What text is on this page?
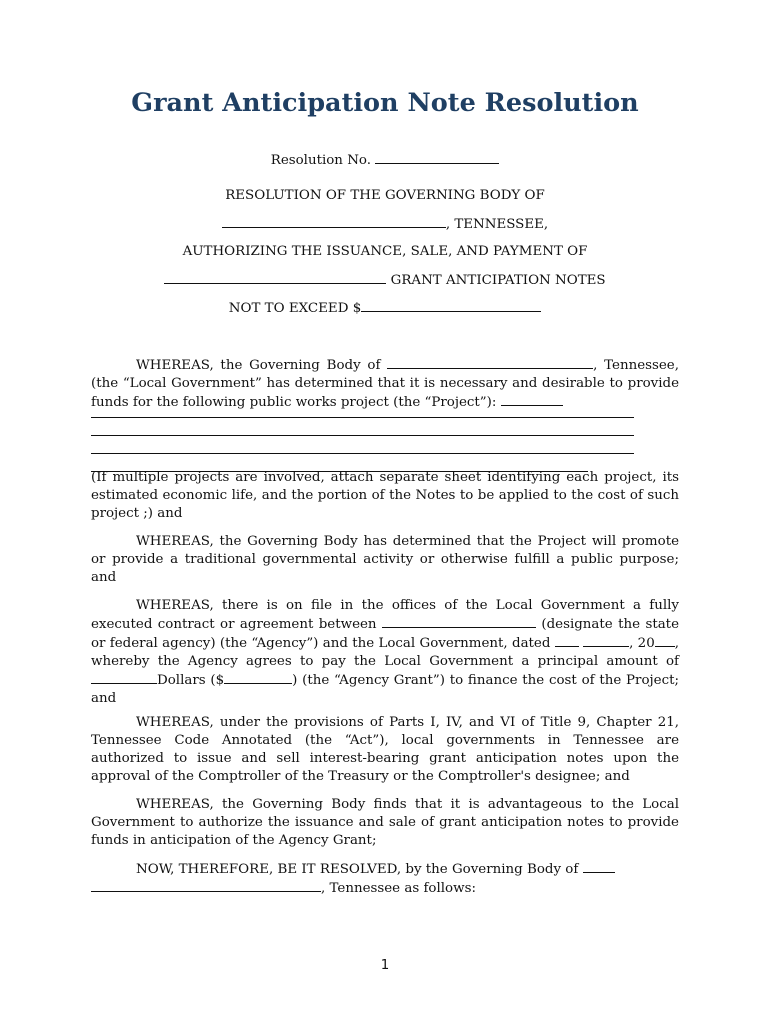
Grant Anticipation Note Resolution
Resolution No.
RESOLUTION OF THE GOVERNING BODY OF
, TENNESSEE,
AUTHORIZING THE ISSUANCE, SALE, AND PAYMENT OF
GRANT ANTICIPATION NOTES
NOT TO EXCEED $

WHEREAS, the Governing Body of	, Tennessee, (the “Local Government” has determined that it is necessary and desirable to provide funds for the following public works project (the “Project”):

(If multiple projects are involved, attach separate sheet identifying each project, its estimated economic life, and the portion of the Notes to be applied to the cost of such project ;) and

WHEREAS, the Governing Body has determined that the Project will promote or provide a traditional governmental activity or otherwise fulfill a public purpose; and

WHEREAS, there is on file in the offices of the Local Government a fully executed contract or agreement between	(designate the state or federal agency) (the “Agency”) and the Local Government, dated	, 20 , whereby the Agency agrees to pay the Local Government a principal amount of Dollars ($	) (the “Agency Grant”) to finance the cost of the Project; and

WHEREAS, under the provisions of Parts I, IV, and VI of Title 9, Chapter 21, Tennessee Code Annotated (the “Act”), local governments in Tennessee are authorized to issue and sell interest-bearing grant anticipation notes upon the approval of the Comptroller of the Treasury or the Comptroller's designee; and

WHEREAS, the Governing Body finds that it is advantageous to the Local Government to authorize the issuance and sale of grant anticipation notes to provide funds in anticipation of the Agency Grant;

NOW, THEREFORE, BE IT RESOLVED, by the Governing Body of

, Tennessee as follows:

1
